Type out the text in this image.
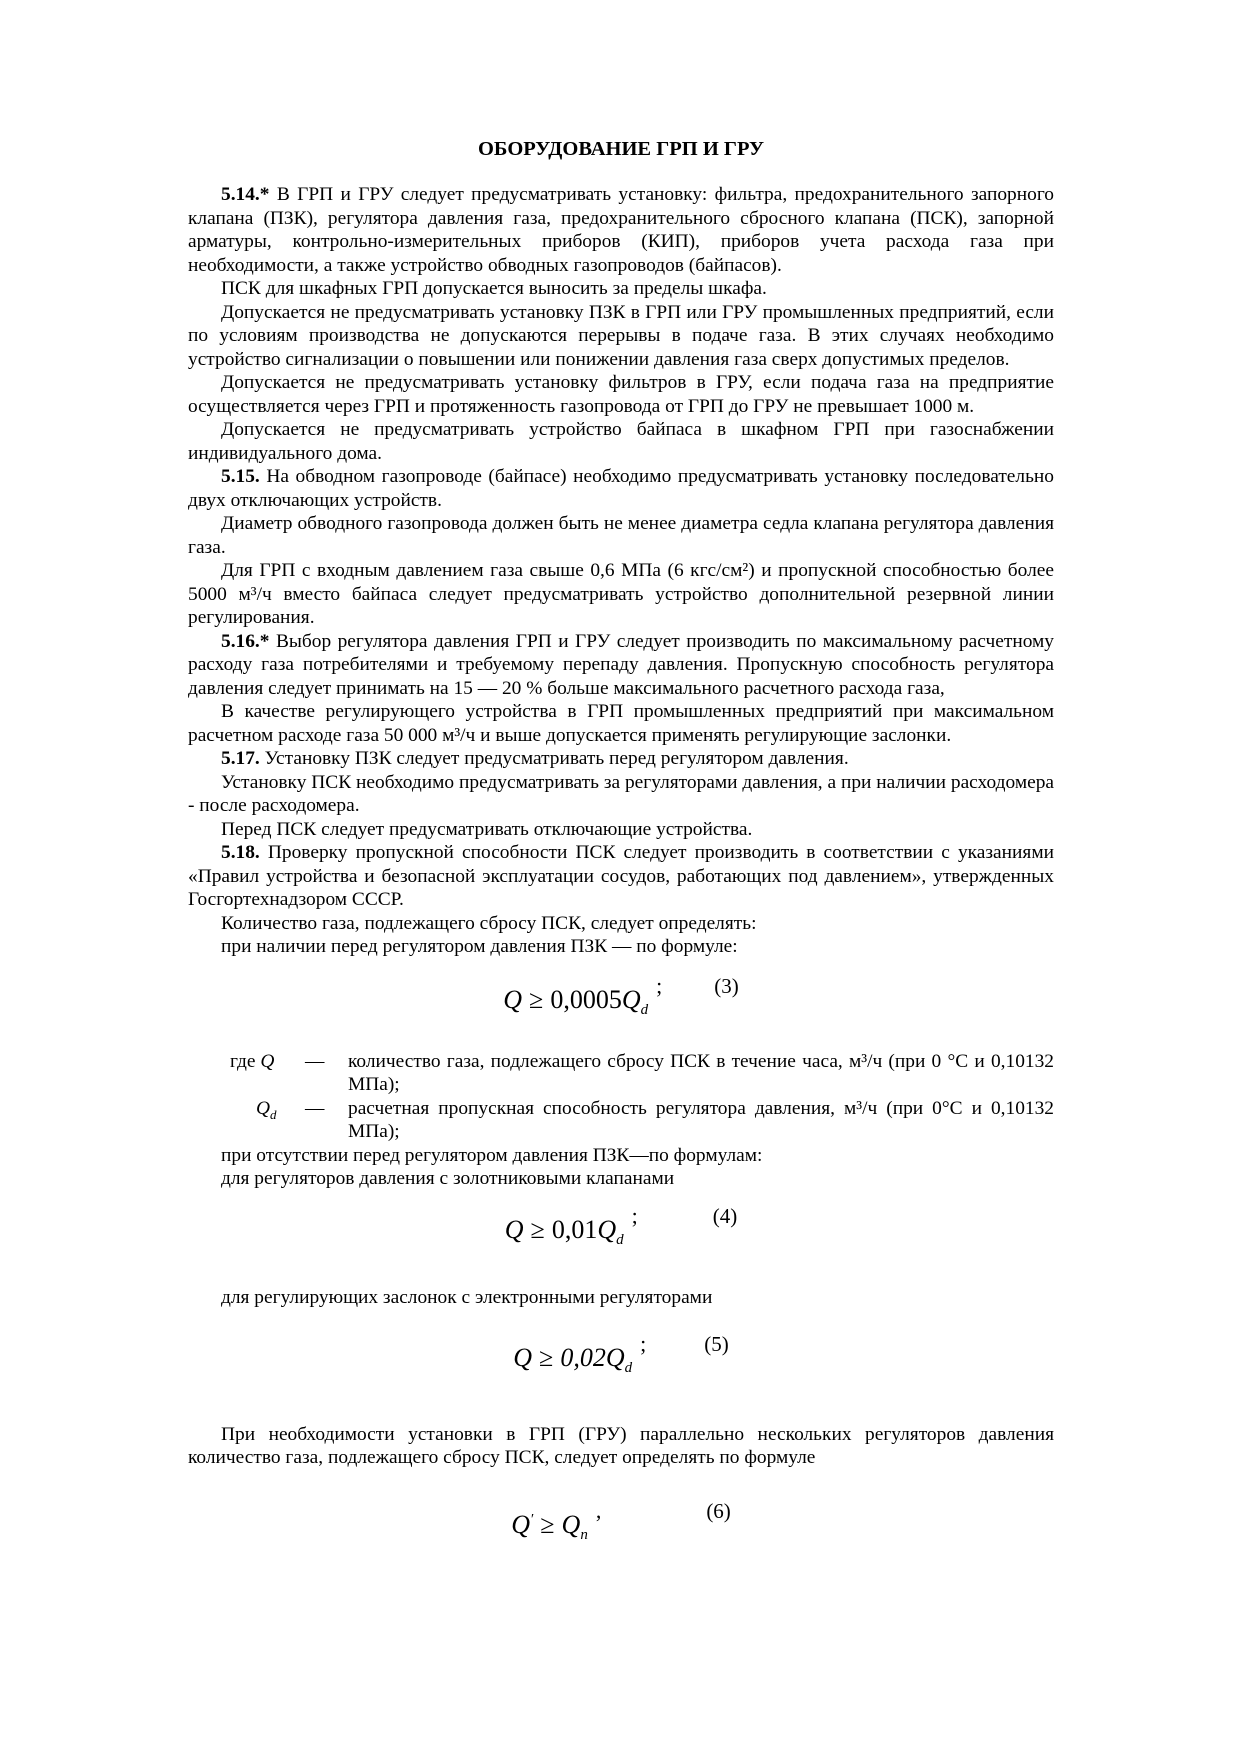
ОБОРУДОВАНИЕ ГРП И ГРУ

5.14.* В ГРП и ГРУ следует предусматривать установку: фильтра, предохранительного запорного клапана (ПЗК), регулятора давления газа, предохранительного сбросного клапана (ПСК), запорной арматуры, контрольно-измерительных приборов (КИП), приборов учета расхода газа при необходимости, а также устройство обводных газопроводов (байпасов).

ПСК для шкафных ГРП допускается выносить за пределы шкафа.

Допускается не предусматривать установку ПЗК в ГРП или ГРУ промышленных предприятий, если по условиям производства не допускаются перерывы в подаче газа. В этих случаях необходимо устройство сигнализации о повышении или понижении давления газа сверх допустимых пределов.

Допускается не предусматривать установку фильтров в ГРУ, если подача газа на предприятие осуществляется через ГРП и протяженность газопровода от ГРП до ГРУ не превышает 1000 м.

Допускается не предусматривать устройство байпаса в шкафном ГРП при газоснабжении индивидуального дома.

5.15. На обводном газопроводе (байпасе) необходимо предусматривать установку последовательно двух отключающих устройств.

Диаметр обводного газопровода должен быть не менее диаметра седла клапана регулятора давления газа.

Для ГРП с входным давлением газа свыше 0,6 МПа (6 кгс/см²) и пропускной способностью более 5000 м³/ч вместо байпаса следует предусматривать устройство дополнительной резервной линии регулирования.

5.16.* Выбор регулятора давления ГРП и ГРУ следует производить по максимальному расчетному расходу газа потребителями и требуемому перепаду давления. Пропускную способность регулятора давления следует принимать на 15 — 20 % больше максимального расчетного расхода газа,

В качестве регулирующего устройства в ГРП промышленных предприятий при максимальном расчетном расходе газа 50 000 м³/ч и выше допускается применять регулирующие заслонки.

5.17. Установку ПЗК следует предусматривать перед регулятором давления.

Установку ПСК необходимо предусматривать за регуляторами давления, а при наличии расходомера - после расходомера.

Перед ПСК следует предусматривать отключающие устройства.

5.18. Проверку пропускной способности ПСК следует производить в соответствии с указаниями «Правил устройства и безопасной эксплуатации сосудов, работающих под давлением», утвержденных Госгортехнадзором СССР.

Количество газа, подлежащего сбросу ПСК, следует определять:

при наличии перед регулятором давления ПЗК — по формуле:

$Q \ge 0,0005Q_d$
; (3)
где Q	—	количество газа, подлежащего сбросу ПСК в течение часа, м³/ч (при 0 °С и 0,10132 МПа);
$Q_d$	—	расчетная пропускная способность регулятора давления, м³/ч (при 0°С и 0,10132 МПа);

при отсутствии перед регулятором давления ПЗК—по формулам:

для регуляторов давления с золотниковыми клапанами

$Q \ge 0,01Q_d$
;	(4)

для регулирующих заслонок с электронными регуляторами

$Q \ge 0,02Q_d$
;	(5)

При необходимости установки в ГРП (ГРУ) параллельно нескольких регуляторов давления количество газа, подлежащего сбросу ПСК, следует определять по формуле

$Q' \ge Q_n$
,	(6)
